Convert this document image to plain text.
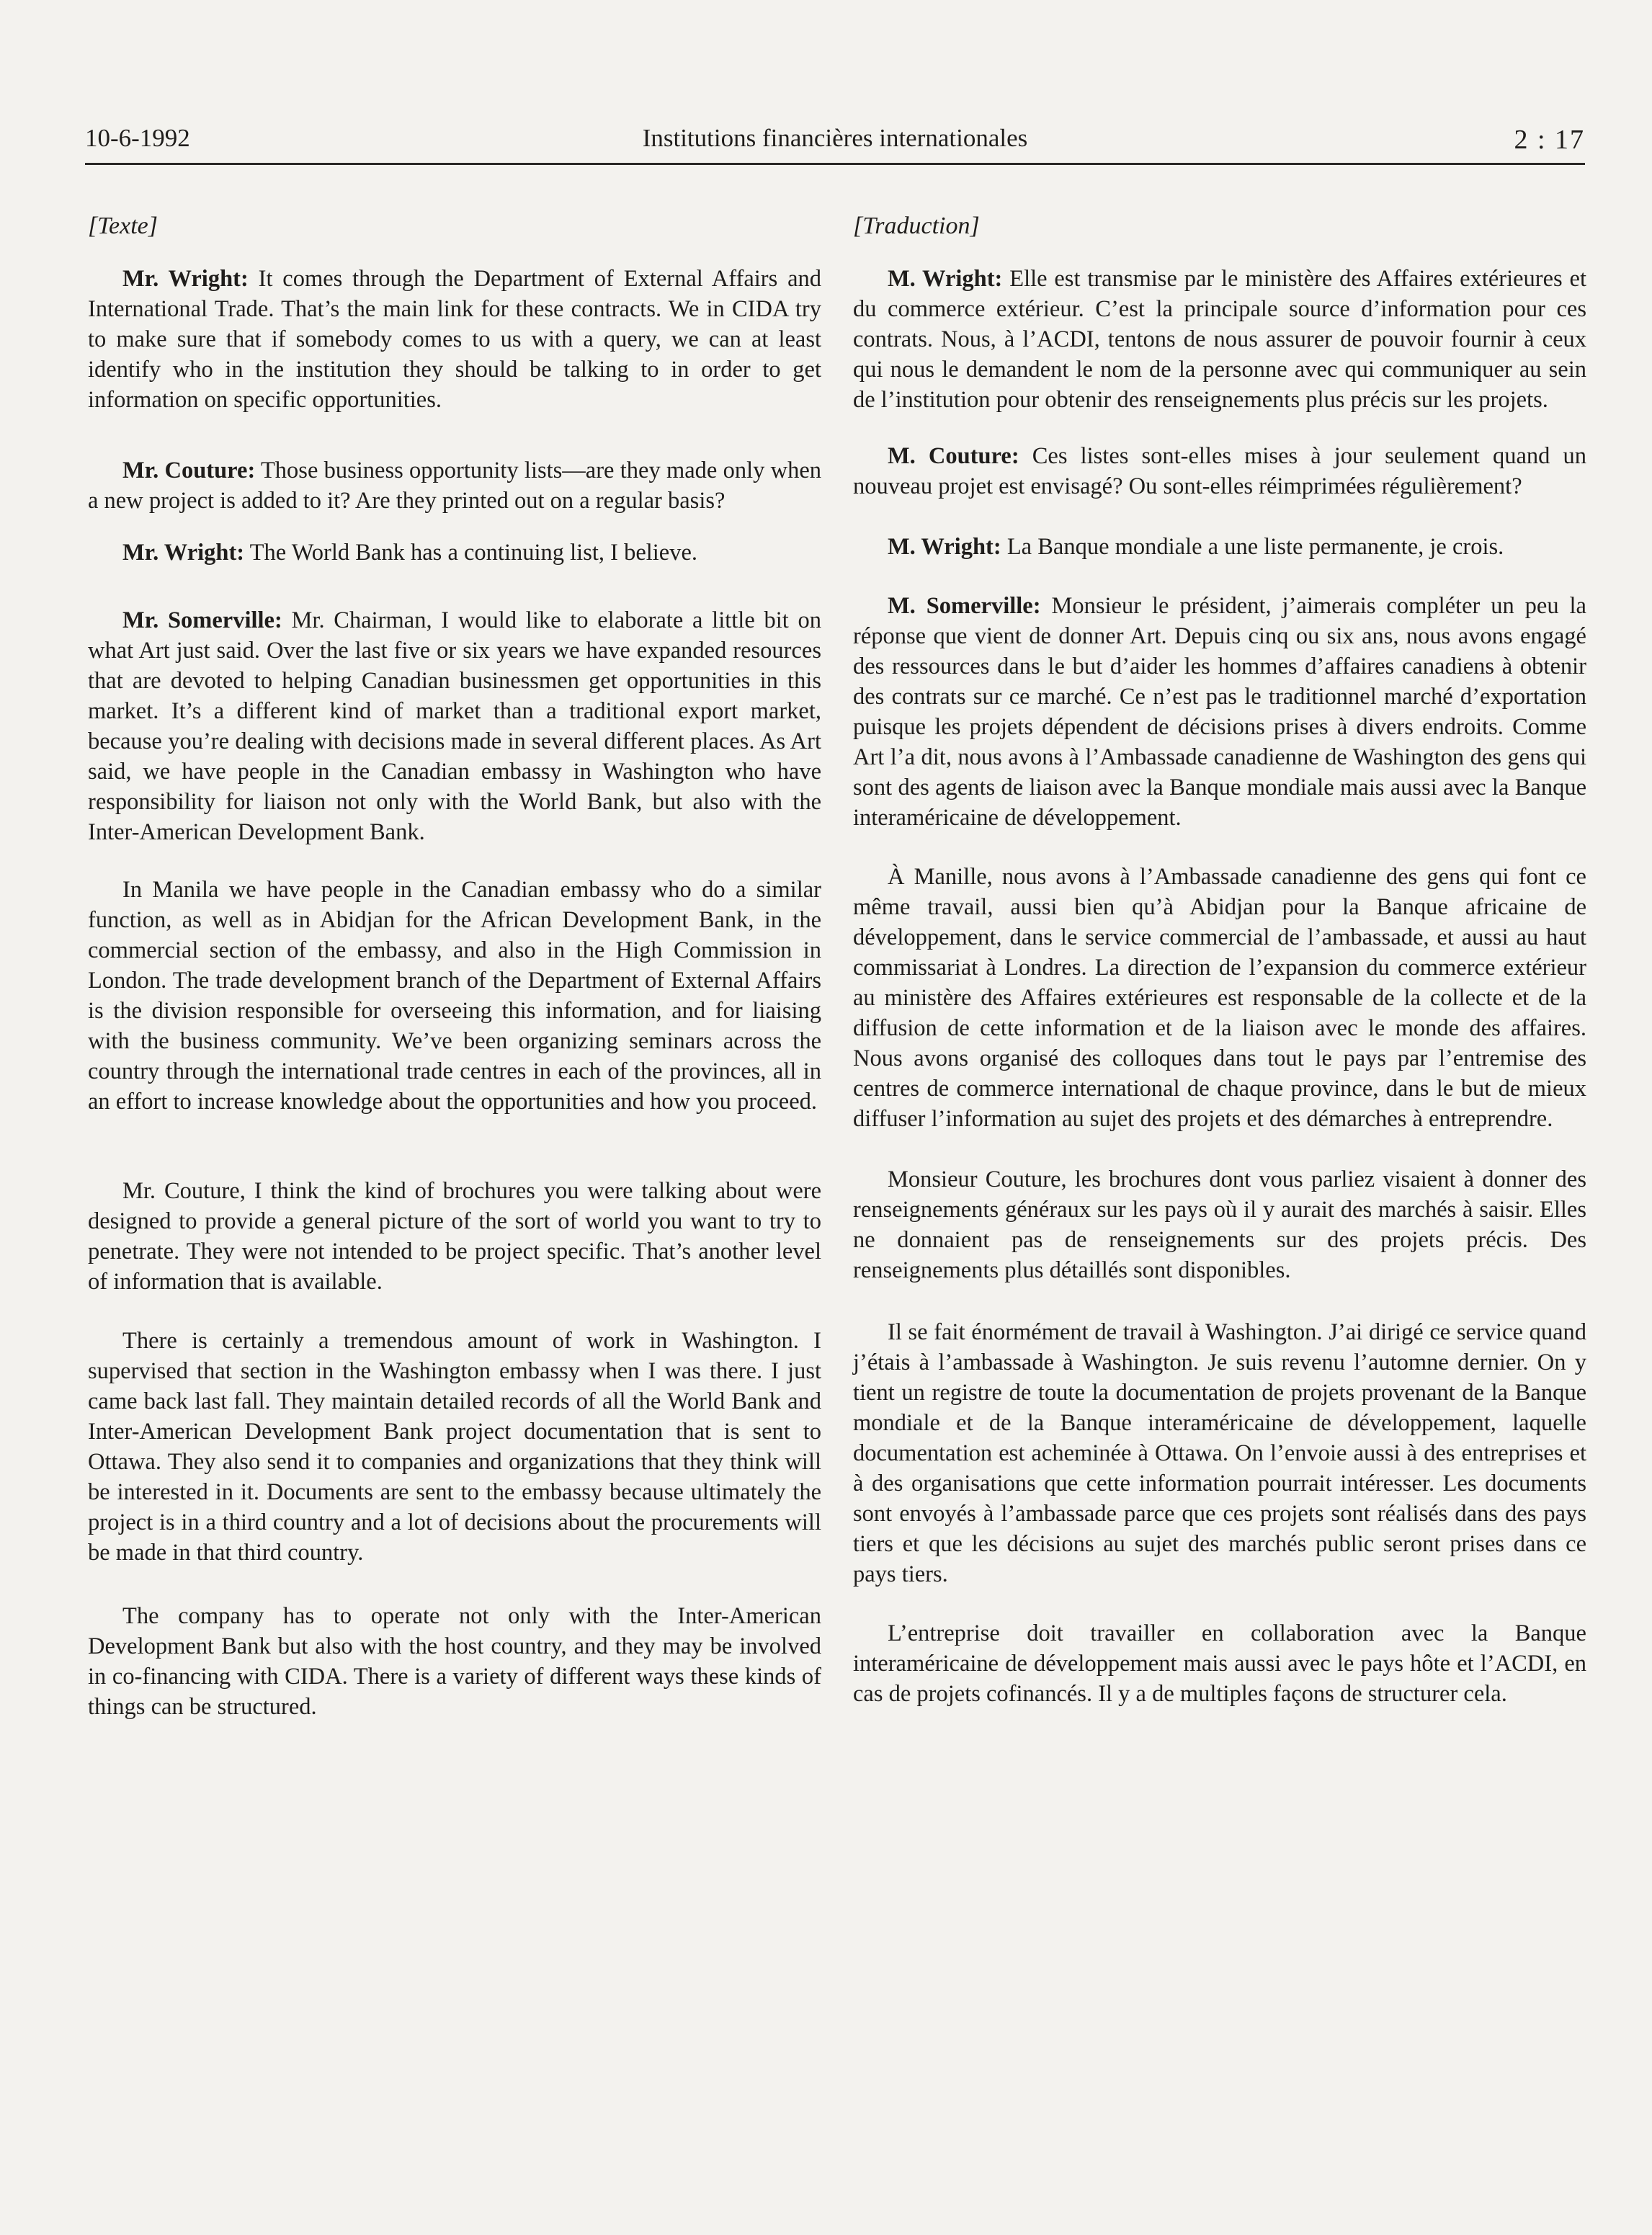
10-6-1992	Institutions financières internationales	2 : 17

[Texte]

Mr. Wright: It comes through the Department of External Affairs and International Trade. That’s the main link for these contracts. We in CIDA try to make sure that if somebody comes to us with a query, we can at least identify who in the institution they should be talking to in order to get information on specific opportunities.

Mr. Couture: Those business opportunity lists—are they made only when a new project is added to it? Are they printed out on a regular basis?

Mr. Wright: The World Bank has a continuing list, I believe.

Mr. Somerville: Mr. Chairman, I would like to elaborate a little bit on what Art just said. Over the last five or six years we have expanded resources that are devoted to helping Canadian businessmen get opportunities in this market. It’s a different kind of market than a traditional export market, because you’re dealing with decisions made in several different places. As Art said, we have people in the Canadian embassy in Washington who have responsibility for liaison not only with the World Bank, but also with the Inter-American Development Bank.

In Manila we have people in the Canadian embassy who do a similar function, as well as in Abidjan for the African Development Bank, in the commercial section of the embassy, and also in the High Commission in London. The trade development branch of the Department of External Affairs is the division responsible for overseeing this information, and for liaising with the business community. We’ve been organizing seminars across the country through the international trade centres in each of the provinces, all in an effort to increase knowledge about the opportunities and how you proceed.

Mr. Couture, I think the kind of brochures you were talking about were designed to provide a general picture of the sort of world you want to try to penetrate. They were not intended to be project specific. That’s another level of information that is available.

There is certainly a tremendous amount of work in Washington. I supervised that section in the Washington embassy when I was there. I just came back last fall. They maintain detailed records of all the World Bank and Inter-American Development Bank project documentation that is sent to Ottawa. They also send it to companies and organizations that they think will be interested in it. Documents are sent to the embassy because ultimately the project is in a third country and a lot of decisions about the procurements will be made in that third country.

The company has to operate not only with the Inter-American Development Bank but also with the host country, and they may be involved in co-financing with CIDA. There is a variety of different ways these kinds of things can be structured.

[Traduction]

M. Wright: Elle est transmise par le ministère des Affaires extérieures et du commerce extérieur. C’est la principale source d’information pour ces contrats. Nous, à l’ACDI, tentons de nous assurer de pouvoir fournir à ceux qui nous le demandent le nom de la personne avec qui communiquer au sein de l’institution pour obtenir des renseignements plus précis sur les projets.

M. Couture: Ces listes sont-elles mises à jour seulement quand un nouveau projet est envisagé? Ou sont-elles réimprimées régulièrement?

M. Wright: La Banque mondiale a une liste permanente, je crois.

M. Somerville: Monsieur le président, j’aimerais compléter un peu la réponse que vient de donner Art. Depuis cinq ou six ans, nous avons engagé des ressources dans le but d’aider les hommes d’affaires canadiens à obtenir des contrats sur ce marché. Ce n’est pas le traditionnel marché d’exportation puisque les projets dépendent de décisions prises à divers endroits. Comme Art l’a dit, nous avons à l’Ambassade canadienne de Washington des gens qui sont des agents de liaison avec la Banque mondiale mais aussi avec la Banque interaméricaine de développement.

À Manille, nous avons à l’Ambassade canadienne des gens qui font ce même travail, aussi bien qu’à Abidjan pour la Banque africaine de développement, dans le service commercial de l’ambassade, et aussi au haut commissariat à Londres. La direction de l’expansion du commerce extérieur au ministère des Affaires extérieures est responsable de la collecte et de la diffusion de cette information et de la liaison avec le monde des affaires. Nous avons organisé des colloques dans tout le pays par l’entremise des centres de commerce international de chaque province, dans le but de mieux diffuser l’information au sujet des projets et des démarches à entreprendre.

Monsieur Couture, les brochures dont vous parliez visaient à donner des renseignements généraux sur les pays où il y aurait des marchés à saisir. Elles ne donnaient pas de renseignements sur des projets précis. Des renseignements plus détaillés sont disponibles.

Il se fait énormément de travail à Washington. J’ai dirigé ce service quand j’étais à l’ambassade à Washington. Je suis revenu l’automne dernier. On y tient un registre de toute la documentation de projets provenant de la Banque mondiale et de la Banque interaméricaine de développement, laquelle documentation est acheminée à Ottawa. On l’envoie aussi à des entreprises et à des organisations que cette information pourrait intéresser. Les documents sont envoyés à l’ambassade parce que ces projets sont réalisés dans des pays tiers et que les décisions au sujet des marchés public seront prises dans ce pays tiers.

L’entreprise doit travailler en collaboration avec la Banque interaméricaine de développement mais aussi avec le pays hôte et l’ACDI, en cas de projets cofinancés. Il y a de multiples façons de structurer cela.
